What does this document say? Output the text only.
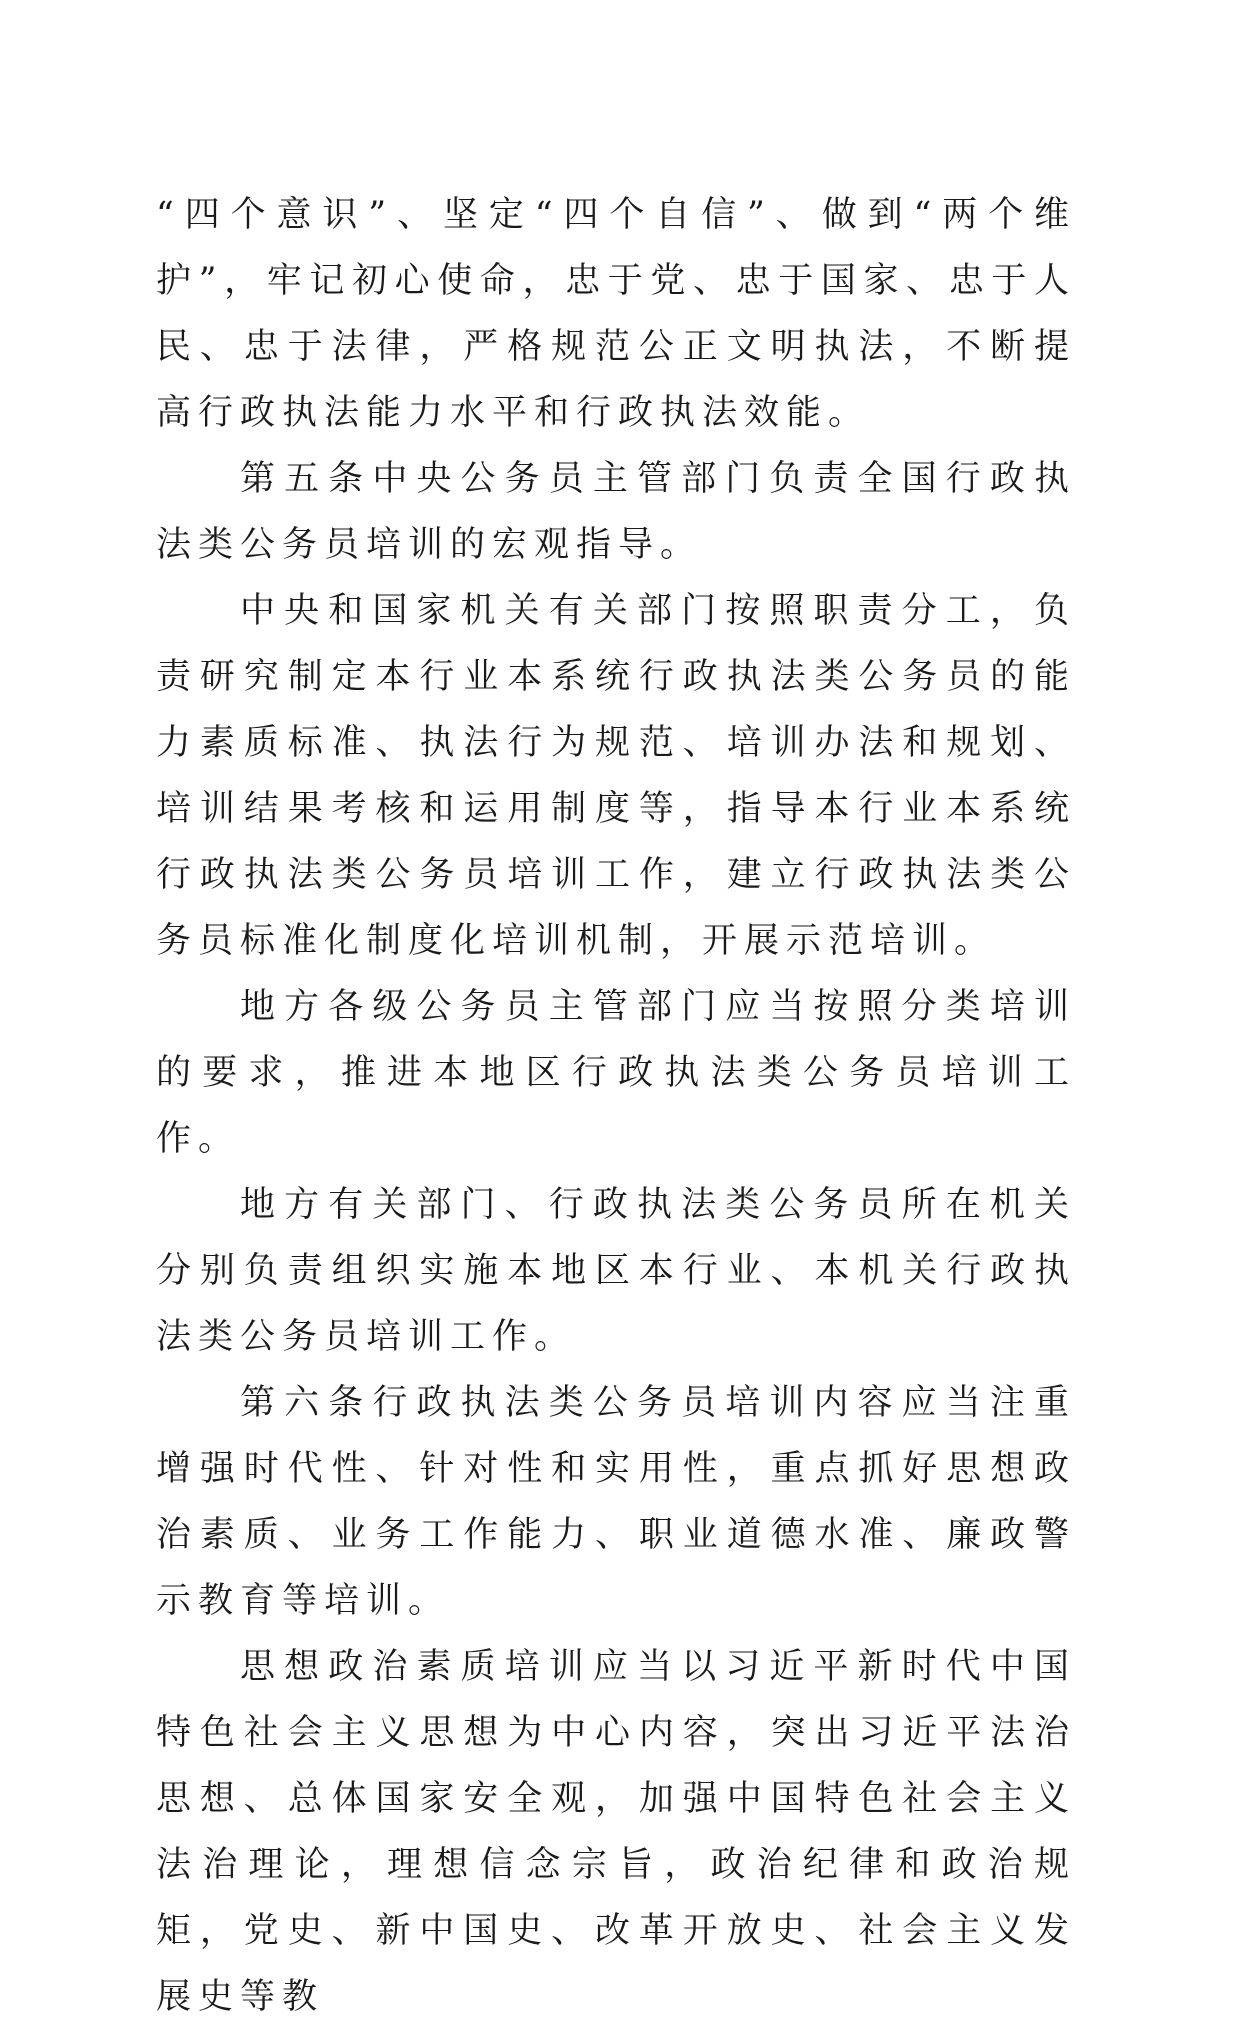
“四个意识”、坚定“四个自信”、做到“两个维护”，牢记初心使命，忠于党、忠于国家、忠于人民、忠于法律，严格规范公正文明执法，不断提高行政执法能力水平和行政执法效能。

第五条中央公务员主管部门负责全国行政执法类公务员培训的宏观指导。

中央和国家机关有关部门按照职责分工，负责研究制定本行业本系统行政执法类公务员的能力素质标准、执法行为规范、培训办法和规划、培训结果考核和运用制度等，指导本行业本系统行政执法类公务员培训工作，建立行政执法类公务员标准化制度化培训机制，开展示范培训。

地方各级公务员主管部门应当按照分类培训的要求，推进本地区行政执法类公务员培训工作。

地方有关部门、行政执法类公务员所在机关分别负责组织实施本地区本行业、本机关行政执法类公务员培训工作。

第六条行政执法类公务员培训内容应当注重增强时代性、针对性和实用性，重点抓好思想政治素质、业务工作能力、职业道德水准、廉政警示教育等培训。

思想政治素质培训应当以习近平新时代中国特色社会主义思想为中心内容，突出习近平法治思想、总体国家安全观，加强中国特色社会主义法治理论，理想信念宗旨，政治纪律和政治规矩，党史、新中国史、改革开放史、社会主义发展史等教
